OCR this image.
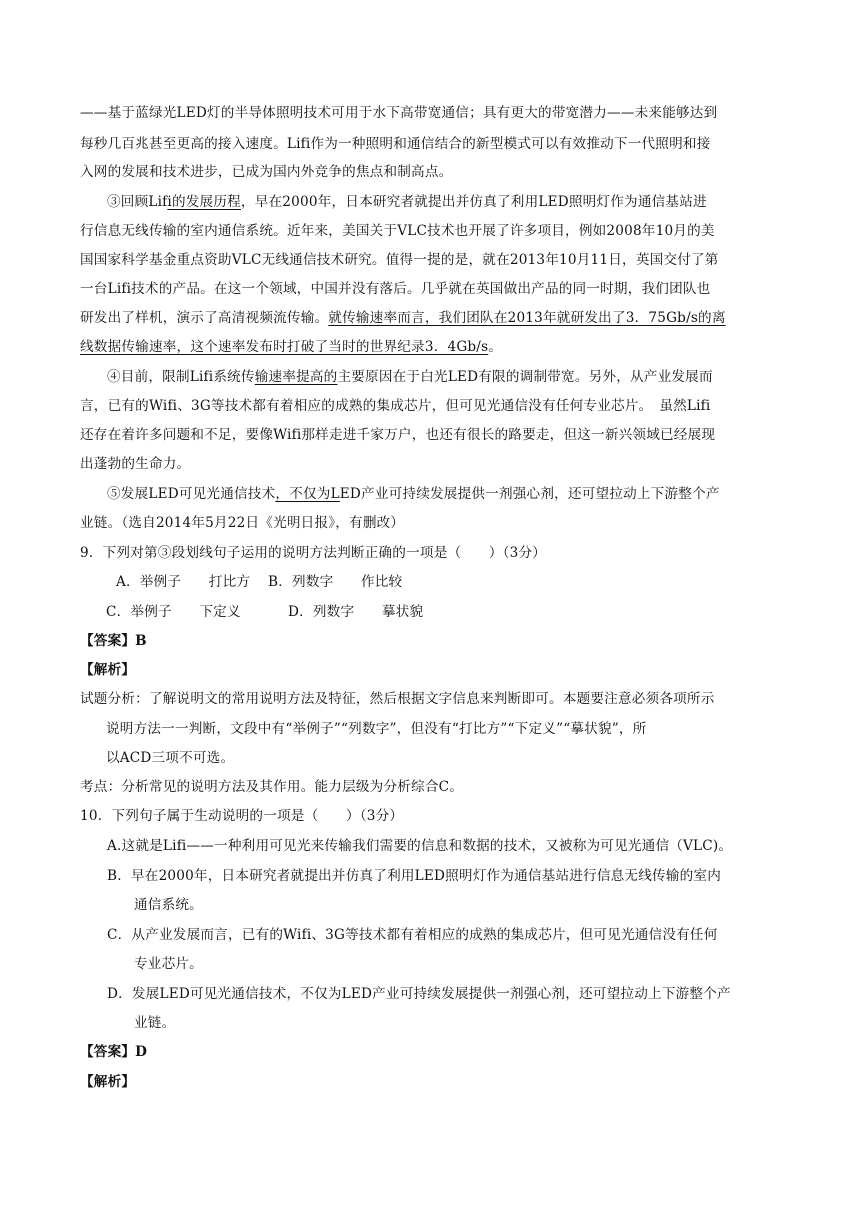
——基于蓝绿光LED灯的半导体照明技术可用于水下高带宽通信；具有更大的带宽潜力——未来能够达到
每秒几百兆甚至更高的接入速度。Lifi作为一种照明和通信结合的新型模式可以有效推动下一代照明和接
入网的发展和技术进步，已成为国内外竞争的焦点和制高点。
③回顾Lifi的发展历程，早在2000年，日本研究者就提出并仿真了利用LED照明灯作为通信基站进
行信息无线传输的室内通信系统。近年来，美国关于VLC技术也开展了许多项目，例如2008年10月的美
国国家科学基金重点资助VLC无线通信技术研究。值得一提的是，就在2013年10月11日，英国交付了第
一台Lifi技术的产品。在这一个领域，中国并没有落后。几乎就在英国做出产品的同一时期，我们团队也
研发出了样机，演示了高清视频流传输。就传输速率而言，我们团队在2013年就研发出了3．75Gb/s的离
线数据传输速率，这个速率发布时打破了当时的世界纪录3．4Gb/s。
④目前，限制Lifi系统传输速率提高的主要原因在于白光LED有限的调制带宽。另外，从产业发展而
言，已有的Wifi、3G等技术都有着相应的成熟的集成芯片，但可见光通信没有任何专业芯片。　虽然Lifi
还存在着许多问题和不足，要像Wifi那样走进千家万户，也还有很长的路要走，但这一新兴领域已经展现
出蓬勃的生命力。
⑤发展LED可见光通信技术，不仅为LED产业可持续发展提供一剂强心剂，还可望拉动上下游整个产
业链。（选自2014年5月22日《光明日报》，有删改）
9．下列对第③段划线句子运用的说明方法判断正确的一项是（　　）（3分）
A．举例子　　打比方 B．列数字　　作比较
C．举例子　　下定义	D．列数字　　摹状貌
【答案】B
【解析】
试题分析：了解说明文的常用说明方法及特征，然后根据文字信息来判断即可。本题要注意必须各项所示
说明方法一一判断，文段中有“举例子”“列数字”，但没有“打比方”“下定义”“摹状貌”，所
以ACD三项不可选。
考点：分析常见的说明方法及其作用。能力层级为分析综合C。
10．下列句子属于生动说明的一项是（　　）（3分）
A.这就是Lifi——一种利用可见光来传输我们需要的信息和数据的技术，又被称为可见光通信（VLC)。
B．早在2000年，日本研究者就提出并仿真了利用LED照明灯作为通信基站进行信息无线传输的室内
通信系统。
C．从产业发展而言，已有的Wifi、3G等技术都有着相应的成熟的集成芯片，但可见光通信没有任何
专业芯片。
D．发展LED可见光通信技术，不仅为LED产业可持续发展提供一剂强心剂，还可望拉动上下游整个产
业链。
【答案】D
【解析】
